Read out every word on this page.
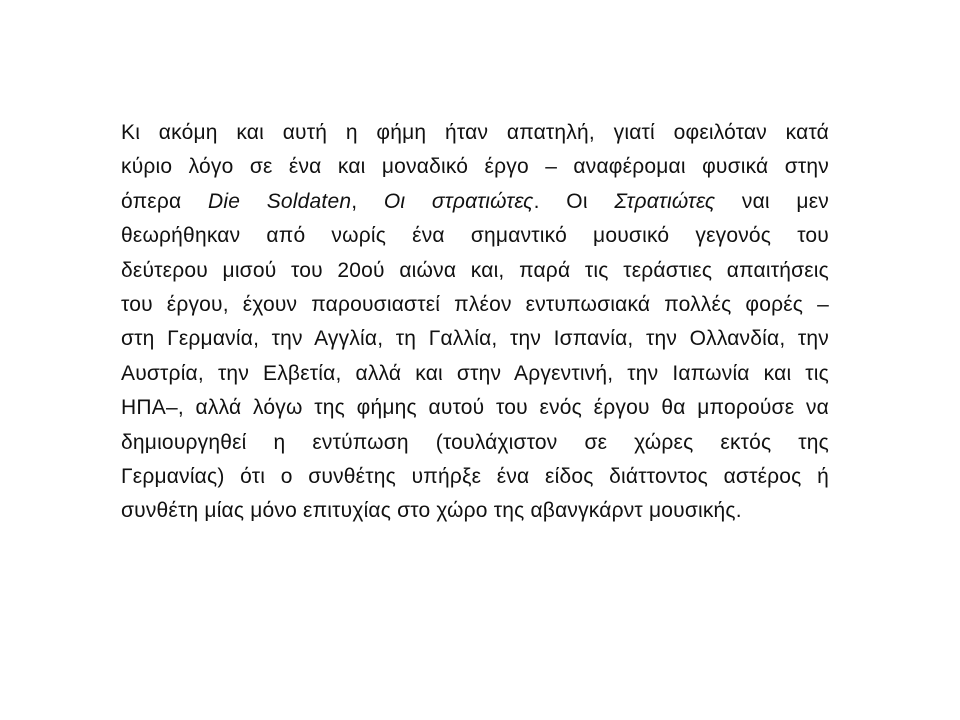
Κι ακόμη και αυτή η φήμη ήταν απατηλή, γιατί οφειλόταν κατά
κύριο λόγο σε ένα και μοναδικό έργο – αναφέρομαι φυσικά στην
όπερα Die Soldaten, Οι στρατιώτες. Οι Στρατιώτες ναι μεν
θεωρήθηκαν από νωρίς ένα σημαντικό μουσικό γεγονός του
δεύτερου μισού του 20ού αιώνα και, παρά τις τεράστιες απαιτήσεις
του έργου, έχουν παρουσιαστεί πλέον εντυπωσιακά πολλές φορές –
στη Γερμανία, την Αγγλία, τη Γαλλία, την Ισπανία, την Ολλανδία, την
Αυστρία, την Ελβετία, αλλά και στην Αργεντινή, την Ιαπωνία και τις
ΗΠΑ–, αλλά λόγω της φήμης αυτού του ενός έργου θα μπορούσε να
δημιουργηθεί η εντύπωση (τουλάχιστον σε χώρες εκτός της
Γερμανίας) ότι ο συνθέτης υπήρξε ένα είδος διάττοντος αστέρος ή
συνθέτη μίας μόνο επιτυχίας στο χώρο της αβανγκάρντ μουσικής.
